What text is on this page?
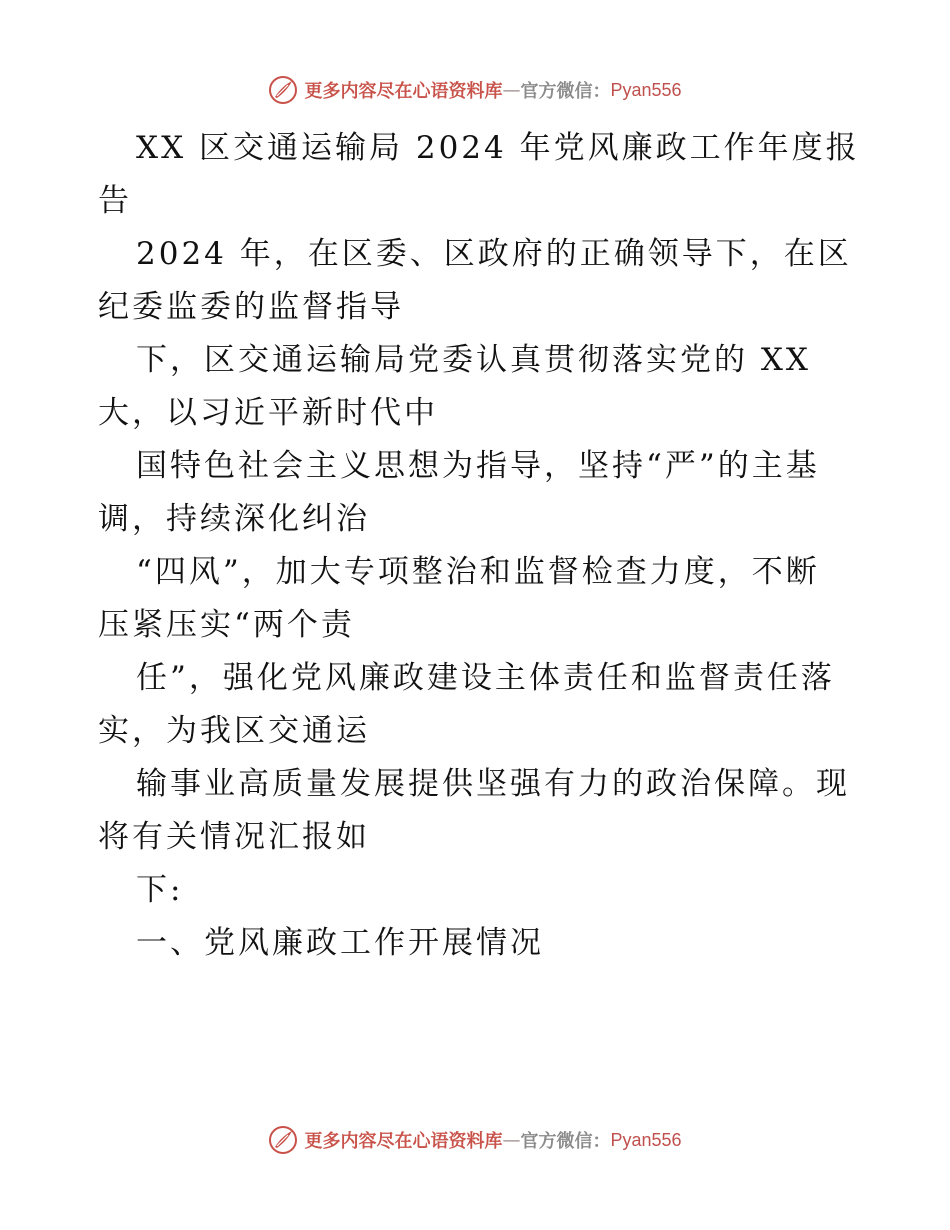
更多内容尽在心语资料库 — 官方微信： Pyan556
XX 区交通运输局 2024 年党风廉政工作年度报
告
2024 年，在区委、区政府的正确领导下，在区
纪委监委的监督指导
下，区交通运输局党委认真贯彻落实党的 XX
大，以习近平新时代中
国特色社会主义思想为指导，坚持“严”的主基
调，持续深化纠治
“四风”，加大专项整治和监督检查力度，不断
压紧压实“两个责
任”，强化党风廉政建设主体责任和监督责任落
实，为我区交通运
输事业高质量发展提供坚强有力的政治保障。现
将有关情况汇报如
下:
一、党风廉政工作开展情况
更多内容尽在心语资料库 — 官方微信： Pyan556
